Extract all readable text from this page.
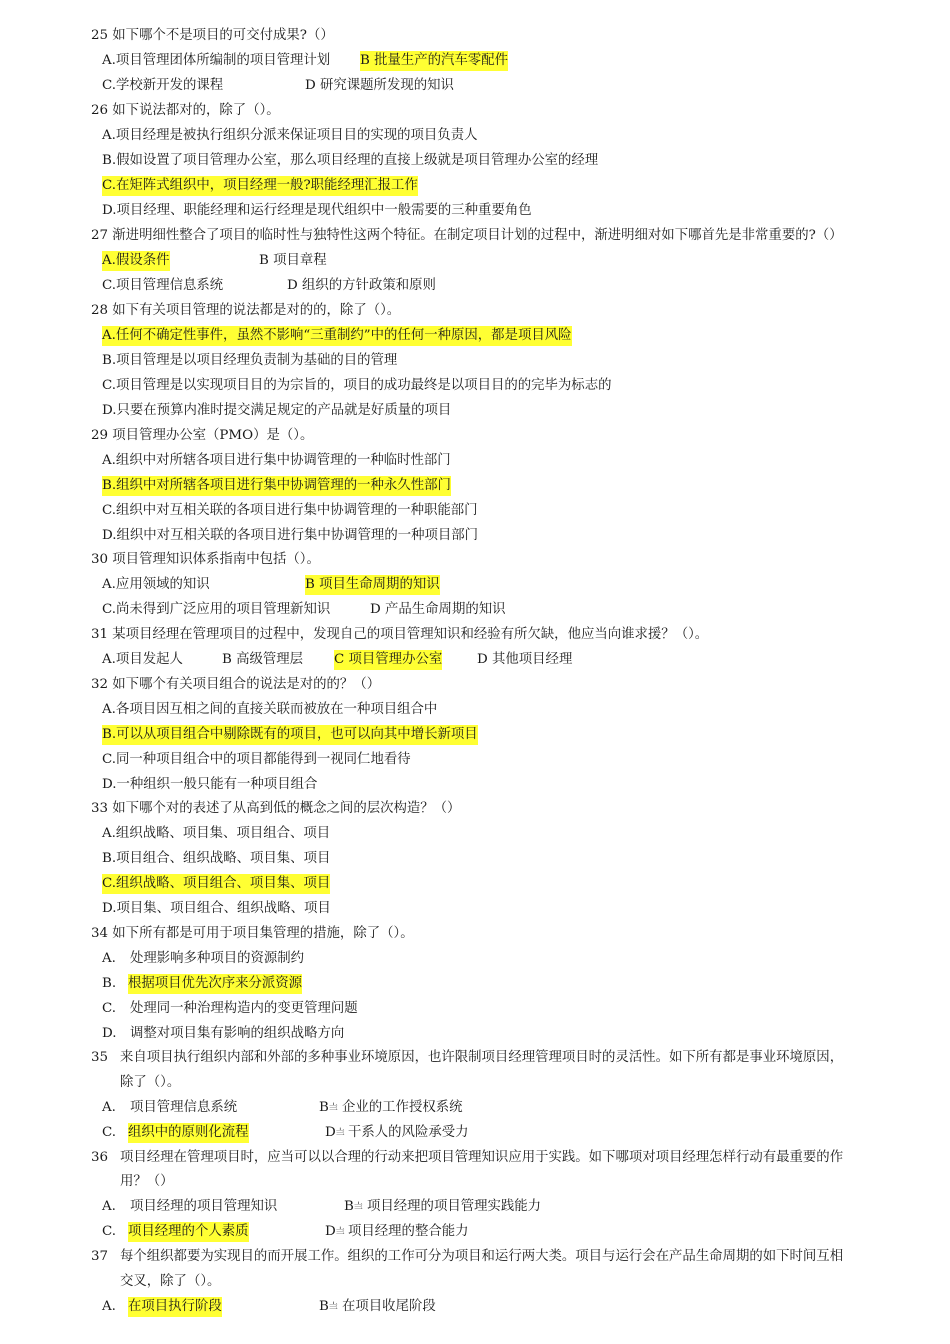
25 如下哪个不是项目的可交付成果?（）
A.项目管理团体所编制的项目管理计划 B 批量生产的汽车零配件
C.学校新开发的课程	D 研究课题所发现的知识
26 如下说法都对的，除了（）。
A.项目经理是被执行组织分派来保证项目目的实现的项目负责人
B.假如设置了项目管理办公室，那么项目经理的直接上级就是项目管理办公室的经理
C.在矩阵式组织中，项目经理一般?职能经理汇报工作
D.项目经理、职能经理和运行经理是现代组织中一般需要的三种重要角色
27 渐进明细性整合了项目的临时性与独特性这两个特征。在制定项目计划的过程中，渐进明细对如下哪首先是非常重要的?（）
A.假设条件	B 项目章程
C.项目管理信息系统	D 组织的方针政策和原则
28 如下有关项目管理的说法都是对的的，除了（）。
A.任何不确定性事件，虽然不影响“三重制约”中的任何一种原因，都是项目风险
B.项目管理是以项目经理负责制为基础的目的管理
C.项目管理是以实现项目目的为宗旨的，项目的成功最终是以项目目的的完毕为标志的
D.只要在预算内准时提交满足规定的产品就是好质量的项目
29 项目管理办公室（PMO）是（）。
A.组织中对所辖各项目进行集中协调管理的一种临时性部门
B.组织中对所辖各项目进行集中协调管理的一种永久性部门
C.组织中对互相关联的各项目进行集中协调管理的一种职能部门
D.组织中对互相关联的各项目进行集中协调管理的一种项目部门
30 项目管理知识体系指南中包括（）。
A.应用领域的知识	B 项目生命周期的知识
C.尚未得到广泛应用的项目管理新知识	D 产品生命周期的知识
31 某项目经理在管理项目的过程中，发现自己的项目管理知识和经验有所欠缺，他应当向谁求援？（）。
A.项目发起人	B 高级管理层 C 项目管理办公室	D 其他项目经理
32 如下哪个有关项目组合的说法是对的的？（）
A.各项目因互相之间的直接关联而被放在一种项目组合中
B.可以从项目组合中剔除既有的项目，也可以向其中增长新项目
C.同一种项目组合中的项目都能得到一视同仁地看待
D.一种组织一般只能有一种项目组合
33 如下哪个对的表述了从高到低的概念之间的层次构造？（）
A.组织战略、项目集、项目组合、项目
B.项目组合、组织战略、项目集、项目
C.组织战略、项目组合、项目集、项目
D.项目集、项目组合、组织战略、项目
34 如下所有都是可用于项目集管理的措施，除了（）。
A. 处理影响多种项目的资源制约
B. 根据项目优先次序来分派资源
C. 处理同一种治理构造内的变更管理问题
D. 调整对项目集有影响的组织战略方向
35 来自项目执行组织内部和外部的多种事业环境原因，也许限制项目经理管理项目时的灵活性。如下所有都是事业环境原因，
除了（）。
A. 项目管理信息系统	$B^〨$ 企业的工作授权系统
C. 组织中的原则化流程	$D^〨$ 干系人的风险承受力
36 项目经理在管理项目时，应当可以以合理的行动来把项目管理知识应用于实践。如下哪项对项目经理怎样行动有最重要的作
用？（）
A. 项目经理的项目管理知识	$B^〨$ 项目经理的项目管理实践能力
C. 项目经理的个人素质	$D^〨$ 项目经理的整合能力
37 每个组织都要为实现目的而开展工作。组织的工作可分为项目和运行两大类。项目与运行会在产品生命周期的如下时间互相
交叉，除了（）。
A. 在项目执行阶段	$B^〨$ 在项目收尾阶段
